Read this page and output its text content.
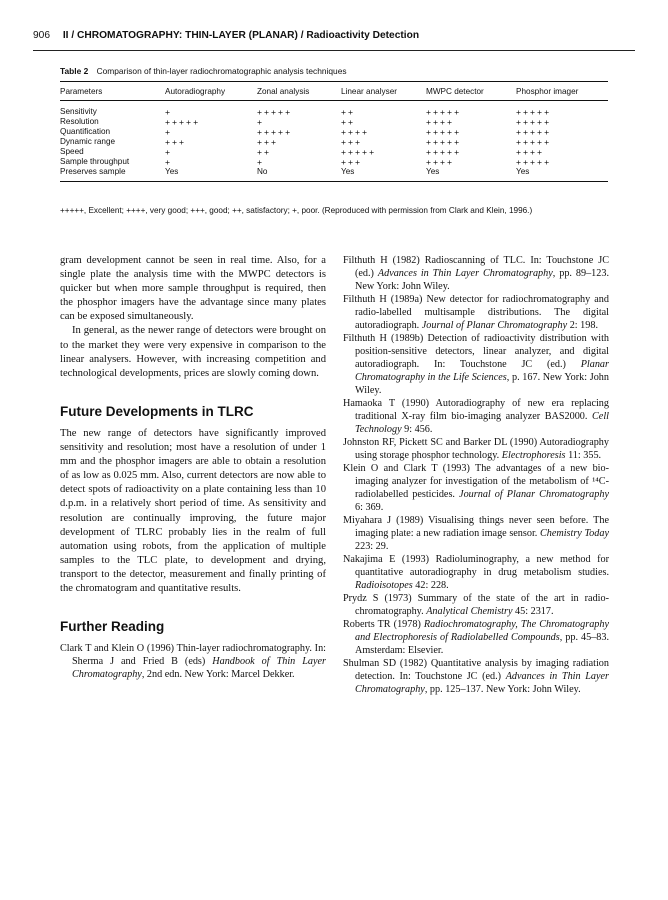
906 II / CHROMATOGRAPHY: THIN-LAYER (PLANAR) / Radioactivity Detection
Table 2 Comparison of thin-layer radiochromatographic analysis techniques
Parameters	Autoradiography	Zonal analysis	Linear analyser	MWPC detector	Phosphor imager
Sensitivity	+	+++++	++	+++++	+++++
Resolution	+++++	+	++	++++	+++++
Quantification	+	+++++	++++	+++++	+++++
Dynamic range	+++	+++	+++	+++++	+++++
Speed	+	++	+++++	+++++	++++
Sample throughput	+	+	+++	++++	+++++
Preserves sample	Yes	No	Yes	Yes	Yes
+++++, Excellent; ++++, very good; +++, good; ++, satisfactory; +, poor. (Reproduced with permission from Clark and Klein, 1996.)

gram development cannot be seen in real time. Also, for a single plate the analysis time with the MWPC detectors is quicker but when more sample throughput is required, then the phosphor imagers have the advantage since many plates can be exposed simultaneously.

In general, as the newer range of detectors were brought on to the market they were very expensive in comparison to the linear analysers. However, with increasing competition and technological developments, prices are slowly coming down.

Future Developments in TLRC

The new range of detectors have significantly improved sensitivity and resolution; most have a resolution of under 1 mm and the phosphor imagers are able to obtain a resolution of as low as 0.025 mm. Also, current detectors are now able to detect spots of radioactivity on a plate containing less than 10 d.p.m. in a relatively short period of time. As sensitivity and resolution are continually improving, the future major development of TLRC probably lies in the realm of full automation using robots, from the application of multiple samples to the TLC plate, to development and drying, transport to the detector, measurement and finally printing of the chromatogram and quantitative results.

Further Reading

Clark T and Klein O (1996) Thin-layer radiochromatography. In: Sherma J and Fried B (eds) Handbook of Thin Layer Chromatography, 2nd edn. New York: Marcel Dekker.

Filthuth H (1982) Radioscanning of TLC. In: Touchstone JC (ed.) Advances in Thin Layer Chromatography, pp. 89–123. New York: John Wiley.

Filthuth H (1989a) New detector for radiochromatography and radio-labelled multisample distributions. The digital autoradiograph. Journal of Planar Chromatography 2: 198.

Filthuth H (1989b) Detection of radioactivity distribution with position-sensitive detectors, linear analyzer, and digital autoradiograph. In: Touchstone JC (ed.) Planar Chromatography in the Life Sciences, p. 167. New York: John Wiley.

Hamaoka T (1990) Autoradiography of new era replacing traditional X-ray film bio-imaging analyzer BAS2000. Cell Technology 9: 456.

Johnston RF, Pickett SC and Barker DL (1990) Autoradiography using storage phosphor technology. Electrophoresis 11: 355.

Klein O and Clark T (1993) The advantages of a new bio-imaging analyzer for investigation of the metabolism of ¹⁴C-radiolabelled pesticides. Journal of Planar Chromatography 6: 369.

Miyahara J (1989) Visualising things never seen before. The imaging plate: a new radiation image sensor. Chemistry Today 223: 29.

Nakajima E (1993) Radioluminography, a new method for quantitative autoradiography in drug metabolism studies. Radioisotopes 42: 228.

Prydz S (1973) Summary of the state of the art in radio-chromatography. Analytical Chemistry 45: 2317.

Roberts TR (1978) Radiochromatography, The Chromatography and Electrophoresis of Radiolabelled Compounds, pp. 45–83. Amsterdam: Elsevier.

Shulman SD (1982) Quantitative analysis by imaging radiation detection. In: Touchstone JC (ed.) Advances in Thin Layer Chromatography, pp. 125–137. New York: John Wiley.
